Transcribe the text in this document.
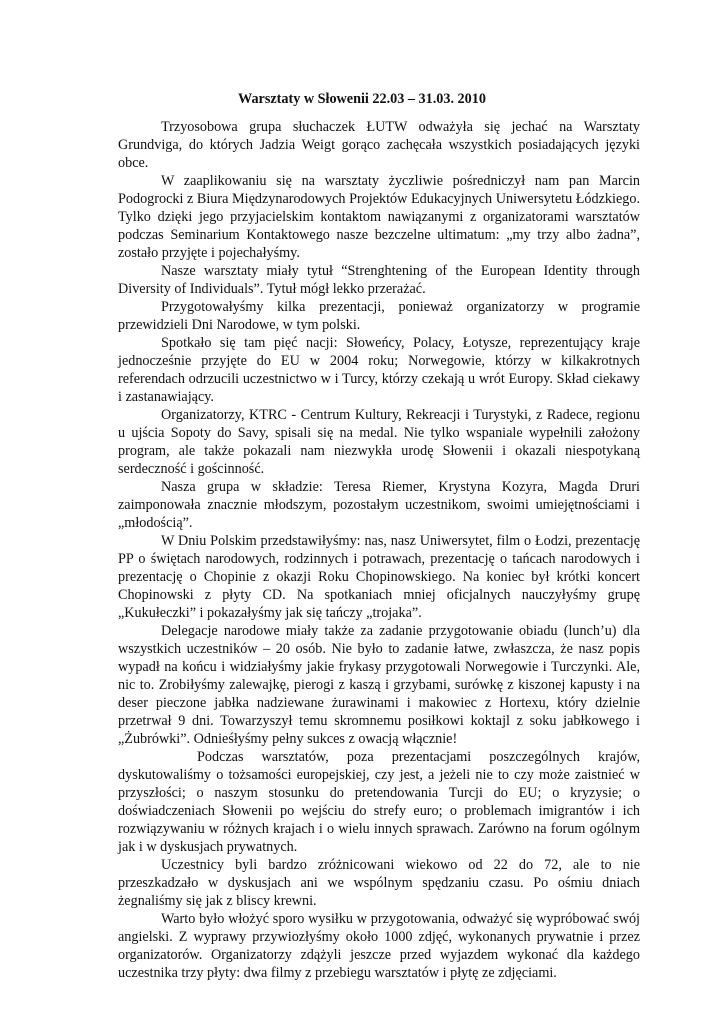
Warsztaty w Słowenii 22.03 – 31.03. 2010

Trzyosobowa grupa słuchaczek ŁUTW odważyła się jechać na Warsztaty Grundviga, do których Jadzia Weigt gorąco zachęcała wszystkich posiadających języki obce.

W zaaplikowaniu się na warsztaty życzliwie pośredniczył nam pan Marcin Podogrocki z Biura Międzynarodowych Projektów Edukacyjnych Uniwersytetu Łódzkiego. Tylko dzięki jego przyjacielskim kontaktom nawiązanymi z organizatorami warsztatów podczas Seminarium Kontaktowego nasze bezczelne ultimatum: „my trzy albo żadna”, zostało przyjęte i pojechałyśmy.

Nasze warsztaty miały tytuł “Strenghtening of the European Identity through Diversity of Individuals”. Tytuł mógł lekko przerażać.

Przygotowałyśmy kilka prezentacji, ponieważ organizatorzy w programie przewidzieli Dni Narodowe, w tym polski.

Spotkało się tam pięć nacji: Słoweńcy, Polacy, Łotysze, reprezentujący kraje jednocześnie przyjęte do EU w 2004 roku; Norwegowie, którzy w kilkakrotnych referendach odrzucili uczestnictwo w i Turcy, którzy czekają u wrót Europy. Skład ciekawy i zastanawiający.

Organizatorzy, KTRC - Centrum Kultury, Rekreacji i Turystyki, z Radece, regionu u ujścia Sopoty do Savy, spisali się na medal. Nie tylko wspaniale wypełnili założony program, ale także pokazali nam niezwykła urodę Słowenii i okazali niespotykaną serdeczność i gościnność.

Nasza grupa w składzie: Teresa Riemer, Krystyna Kozyra, Magda Druri zaimponowała znacznie młodszym, pozostałym uczestnikom, swoimi umiejętnościami i „młodością”.

W Dniu Polskim przedstawiłyśmy: nas, nasz Uniwersytet, film o Łodzi, prezentację PP o świętach narodowych, rodzinnych i potrawach, prezentację o tańcach narodowych i prezentację o Chopinie z okazji Roku Chopinowskiego. Na koniec był krótki koncert Chopinowski z płyty CD. Na spotkaniach mniej oficjalnych nauczyłyśmy grupę „Kukułeczki” i pokazałyśmy jak się tańczy „trojaka”.

Delegacje narodowe miały także za zadanie przygotowanie obiadu (lunch’u) dla wszystkich uczestników – 20 osób. Nie było to zadanie łatwe, zwłaszcza, że nasz popis wypadł na końcu i widziałyśmy jakie frykasy przygotowali Norwegowie i Turczynki. Ale, nic to. Zrobiłyśmy zalewajkę, pierogi z kaszą i grzybami, surówkę z kiszonej kapusty i na deser pieczone jabłka nadziewane żurawinami i makowiec z Hortexu, który dzielnie przetrwał 9 dni. Towarzyszył temu skromnemu posiłkowi koktajl z soku jabłkowego i „Żubrówki”. Odnieśłyśmy pełny sukces z owacją włącznie!

Podczas warsztatów, poza prezentacjami poszczególnych krajów, dyskutowaliśmy o tożsamości europejskiej, czy jest, a jeżeli nie to czy może zaistnieć w przyszłości; o naszym stosunku do pretendowania Turcji do EU; o kryzysie; o doświadczeniach Słowenii po wejściu do strefy euro; o problemach imigrantów i ich rozwiązywaniu w różnych krajach i o wielu innych sprawach. Zarówno na forum ogólnym jak i w dyskusjach prywatnych.

Uczestnicy byli bardzo zróżnicowani wiekowo od 22 do 72, ale to nie przeszkadzało w dyskusjach ani we wspólnym spędzaniu czasu. Po ośmiu dniach żegnaliśmy się jak z bliscy krewni.

Warto było włożyć sporo wysiłku w przygotowania, odważyć się wypróbować swój angielski. Z wyprawy przywiozłyśmy około 1000 zdjęć, wykonanych prywatnie i przez organizatorów. Organizatorzy zdążyli jeszcze przed wyjazdem wykonać dla każdego uczestnika trzy płyty: dwa filmy z przebiegu warsztatów i płytę ze zdjęciami.
